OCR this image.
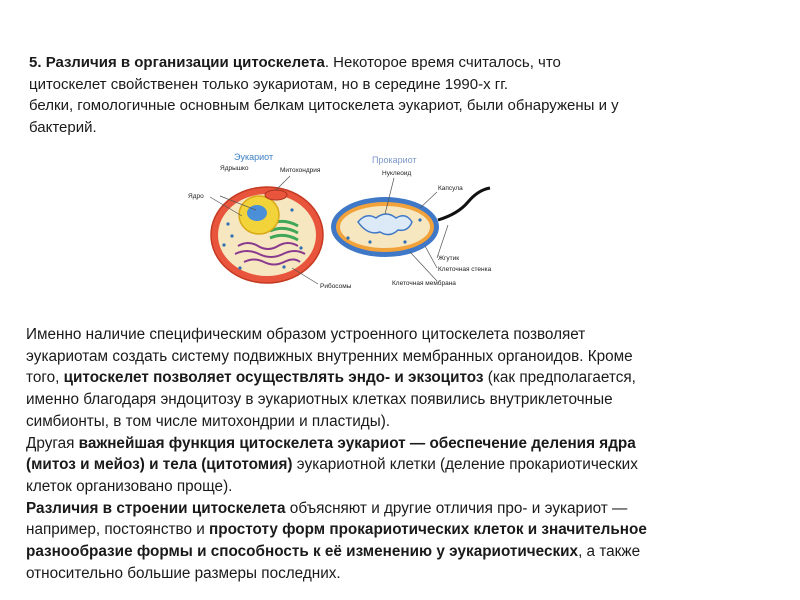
5. Различия в организации цитоскелета. Некоторое время считалось, что
цитоскелет свойственен только эукариотам, но в середине 1990-х гг.
белки, гомологичные основным белкам цитоскелета эукариот, были обнаружены и у
бактерий.
Эукариот
Ядрышко	Митохондрия
Ядро
Рибосомы
Прокариот
Нуклеоид
Капсула
Жгутик
Клеточная стенка
Клеточная мембрана
Именно наличие специфическим образом устроенного цитоскелета позволяет
эукариотам создать систему подвижных внутренних мембранных органоидов. Кроме
того, цитоскелет позволяет осуществлять эндо- и экзоцитоз (как предполагается,
именно благодаря эндоцитозу в эукариотных клетках появились внутриклеточные
симбионты, в том числе митохондрии и пластиды).
Другая важнейшая функция цитоскелета эукариот — обеспечение деления ядра
(митоз и мейоз) и тела (цитотомия) эукариотной клетки (деление прокариотических
клеток организовано проще).
Различия в строении цитоскелета объясняют и другие отличия про- и эукариот —
например, постоянство и простоту форм прокариотических клеток и значительное
разнообразие формы и способность к её изменению у эукариотических, а также
относительно большие размеры последних.
